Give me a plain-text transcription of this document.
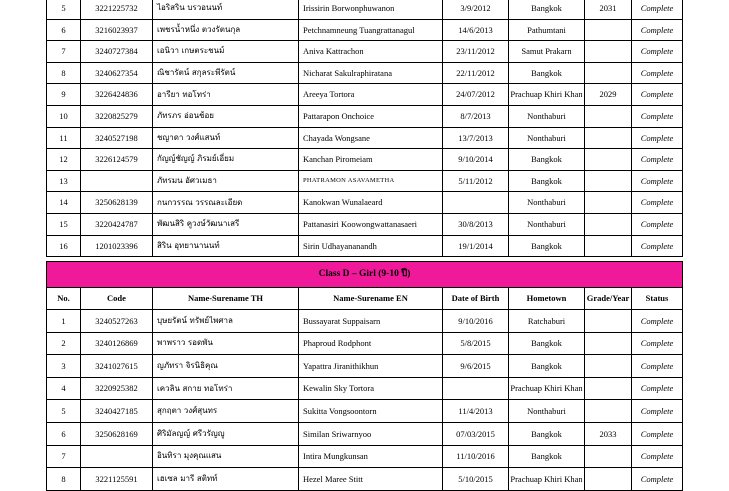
5	3221225732	ไอริสริน บรวอนนท์	Irissirin Borwonphuwanon	3/9/2012	Bangkok	2031	Complete
6	3216023937	เพชรน้ำหนึ่ง ตวงรัตนกุล	Petchnamneung Tuangrattanagul	14/6/2013	Pathumtani		Complete
7	3240727384	เอนิวา เกษตระชนม์	Aniva Kattrachon	23/11/2012	Samut Prakarn		Complete
8	3240627354	ณิชารัตน์ สกุลระพีรัตน์	Nicharat Sakulraphiratana	22/11/2012	Bangkok		Complete
9	3226424836	อารียา ทอโทร่า	Areeya Tortora	24/07/2012	Prachuap Khiri Khan	2029	Complete
10	3220825279	ภัทรภร อ่อนช้อย	Pattarapon Onchoice	8/7/2013	Nonthaburi		Complete
11	3240527198	ชญาดา วงศ์แสนท์	Chayada Wongsane	13/7/2013	Nonthaburi		Complete
12	3226124579	กัญญ์ชัญญ์ ภิรมย์เอี่ยม	Kanchan Piromeiam	9/10/2014	Bangkok		Complete
13		ภัทรมน อัศวเมธา	PHATRAMON ASAVAMETHA	5/11/2012	Bangkok		Complete
14	3250628139	กนกวรรณ วรรณละเอียด	Kanokwan Wunalaeard		Nonthaburi		Complete
15	3220424787	พัฒนสิริ คูวงษ์วัฒนาเสรี	Pattanasiri Koowongwattanasaeri	30/8/2013	Nonthaburi		Complete
16	1201023396	สิริน อุทยานานนท์	Sirin Udhayananandh	19/1/2014	Bangkok		Complete
Class D – Girl (9-10 ปี)							
No.	Code	Name-Surename TH	Name-Surename EN	Date of Birth	Hometown	Grade/Year	Status
1	3240527263	บุษยรัตน์ ทรัพย์ไพศาล	Bussayarat Suppaisarn	9/10/2016	Ratchaburi		Complete
2	3240126869	พาพราว รอดพัน	Phaproud Rodphont	5/8/2015	Bangkok		Complete
3	3241027615	ญภัทรา จิรนิธิคุณ	Yapattra Jiranithikhun	9/6/2015	Bangkok		Complete
4	3220925382	เควลิน สกาย ทอโทร่า	Kewalin Sky Tortora		Prachuap Khiri Khan		Complete
5	3240427185	สุกฤตา วงศ์สุนทร	Sukitta Vongsoontorn	11/4/2013	Nonthaburi		Complete
6	3250628169	ศิริมัลญญ์ ศรีวรัญญู	Similan Sriwarnyoo	07/03/2015	Bangkok	2033	Complete
7		อินทิรา มุงคุณแสน	Intira Mungkunsan	11/10/2016	Bangkok		Complete
8	3221125591	เฮเซล มารี สติทท์	Hezel Maree Stitt	5/10/2015	Prachuap Khiri Khan		Complete
